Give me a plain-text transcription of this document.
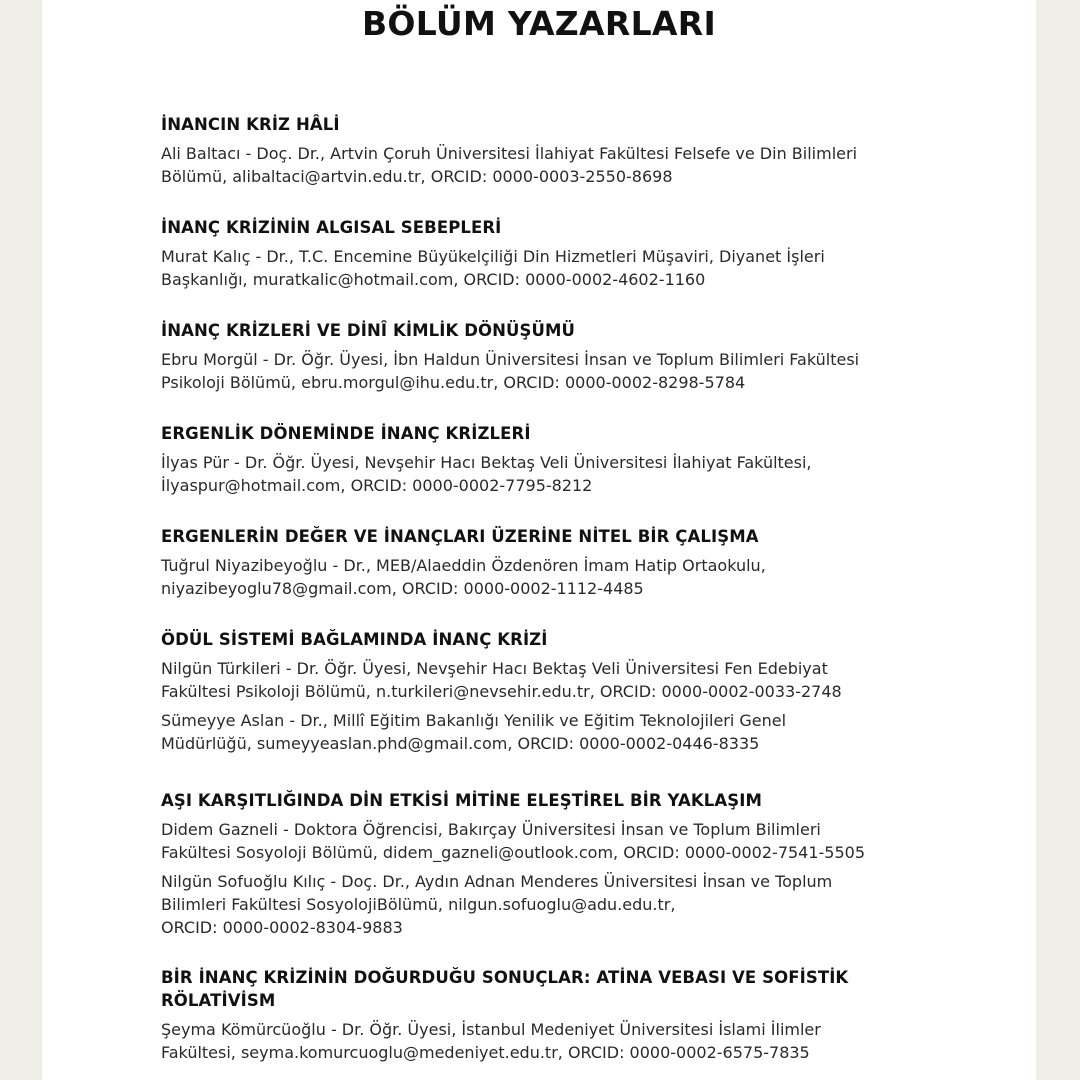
BÖLÜM YAZARLARI
İNANCIN KRİZ HÂLİ
Ali Baltacı - Doç. Dr., Artvin Çoruh Üniversitesi İlahiyat Fakültesi Felsefe ve Din Bilimleri
Bölümü, alibaltaci@artvin.edu.tr, ORCID: 0000-0003-2550-8698
İNANÇ KRİZİNİN ALGISAL SEBEPLERİ
Murat Kalıç - Dr., T.C. Encemine Büyükelçiliği Din Hizmetleri Müşaviri, Diyanet İşleri
Başkanlığı, muratkalic@hotmail.com, ORCID: 0000-0002-4602-1160
İNANÇ KRİZLERİ VE DİNÎ KİMLİK DÖNÜŞÜMÜ
Ebru Morgül - Dr. Öğr. Üyesi, İbn Haldun Üniversitesi İnsan ve Toplum Bilimleri Fakültesi
Psikoloji Bölümü, ebru.morgul@ihu.edu.tr, ORCID: 0000-0002-8298-5784
ERGENLİK DÖNEMİNDE İNANÇ KRİZLERİ
İlyas Pür - Dr. Öğr. Üyesi, Nevşehir Hacı Bektaş Veli Üniversitesi İlahiyat Fakültesi,
İlyaspur@hotmail.com, ORCID: 0000-0002-7795-8212
ERGENLERİN DEĞER VE İNANÇLARI ÜZERİNE NİTEL BİR ÇALIŞMA
Tuğrul Niyazibeyoğlu - Dr., MEB/Alaeddin Özdenören İmam Hatip Ortaokulu,
niyazibeyoglu78@gmail.com, ORCID: 0000-0002-1112-4485
ÖDÜL SİSTEMİ BAĞLAMINDA İNANÇ KRİZİ
Nilgün Türkileri - Dr. Öğr. Üyesi, Nevşehir Hacı Bektaş Veli Üniversitesi Fen Edebiyat
Fakültesi Psikoloji Bölümü, n.turkileri@nevsehir.edu.tr, ORCID: 0000-0002-0033-2748
Sümeyye Aslan - Dr., Millî Eğitim Bakanlığı Yenilik ve Eğitim Teknolojileri Genel
Müdürlüğü, sumeyyeaslan.phd@gmail.com, ORCID: 0000-0002-0446-8335
AŞI KARŞITLIĞINDA DİN ETKİSİ MİTİNE ELEŞTİREL BİR YAKLAŞIM
Didem Gazneli - Doktora Öğrencisi, Bakırçay Üniversitesi İnsan ve Toplum Bilimleri
Fakültesi Sosyoloji Bölümü, didem_gazneli@outlook.com, ORCID: 0000-0002-7541-5505
Nilgün Sofuoğlu Kılıç - Doç. Dr., Aydın Adnan Menderes Üniversitesi İnsan ve Toplum
Bilimleri Fakültesi SosyolojiBölümü, nilgun.sofuoglu@adu.edu.tr,
ORCID: 0000-0002-8304-9883
BİR İNANÇ KRİZİNİN DOĞURDUĞU SONUÇLAR: ATİNA VEBASI VE SOFİSTİK
RÖLATİVİSM
Şeyma Kömürcüoğlu - Dr. Öğr. Üyesi, İstanbul Medeniyet Üniversitesi İslami İlimler
Fakültesi, seyma.komurcuoglu@medeniyet.edu.tr, ORCID: 0000-0002-6575-7835
